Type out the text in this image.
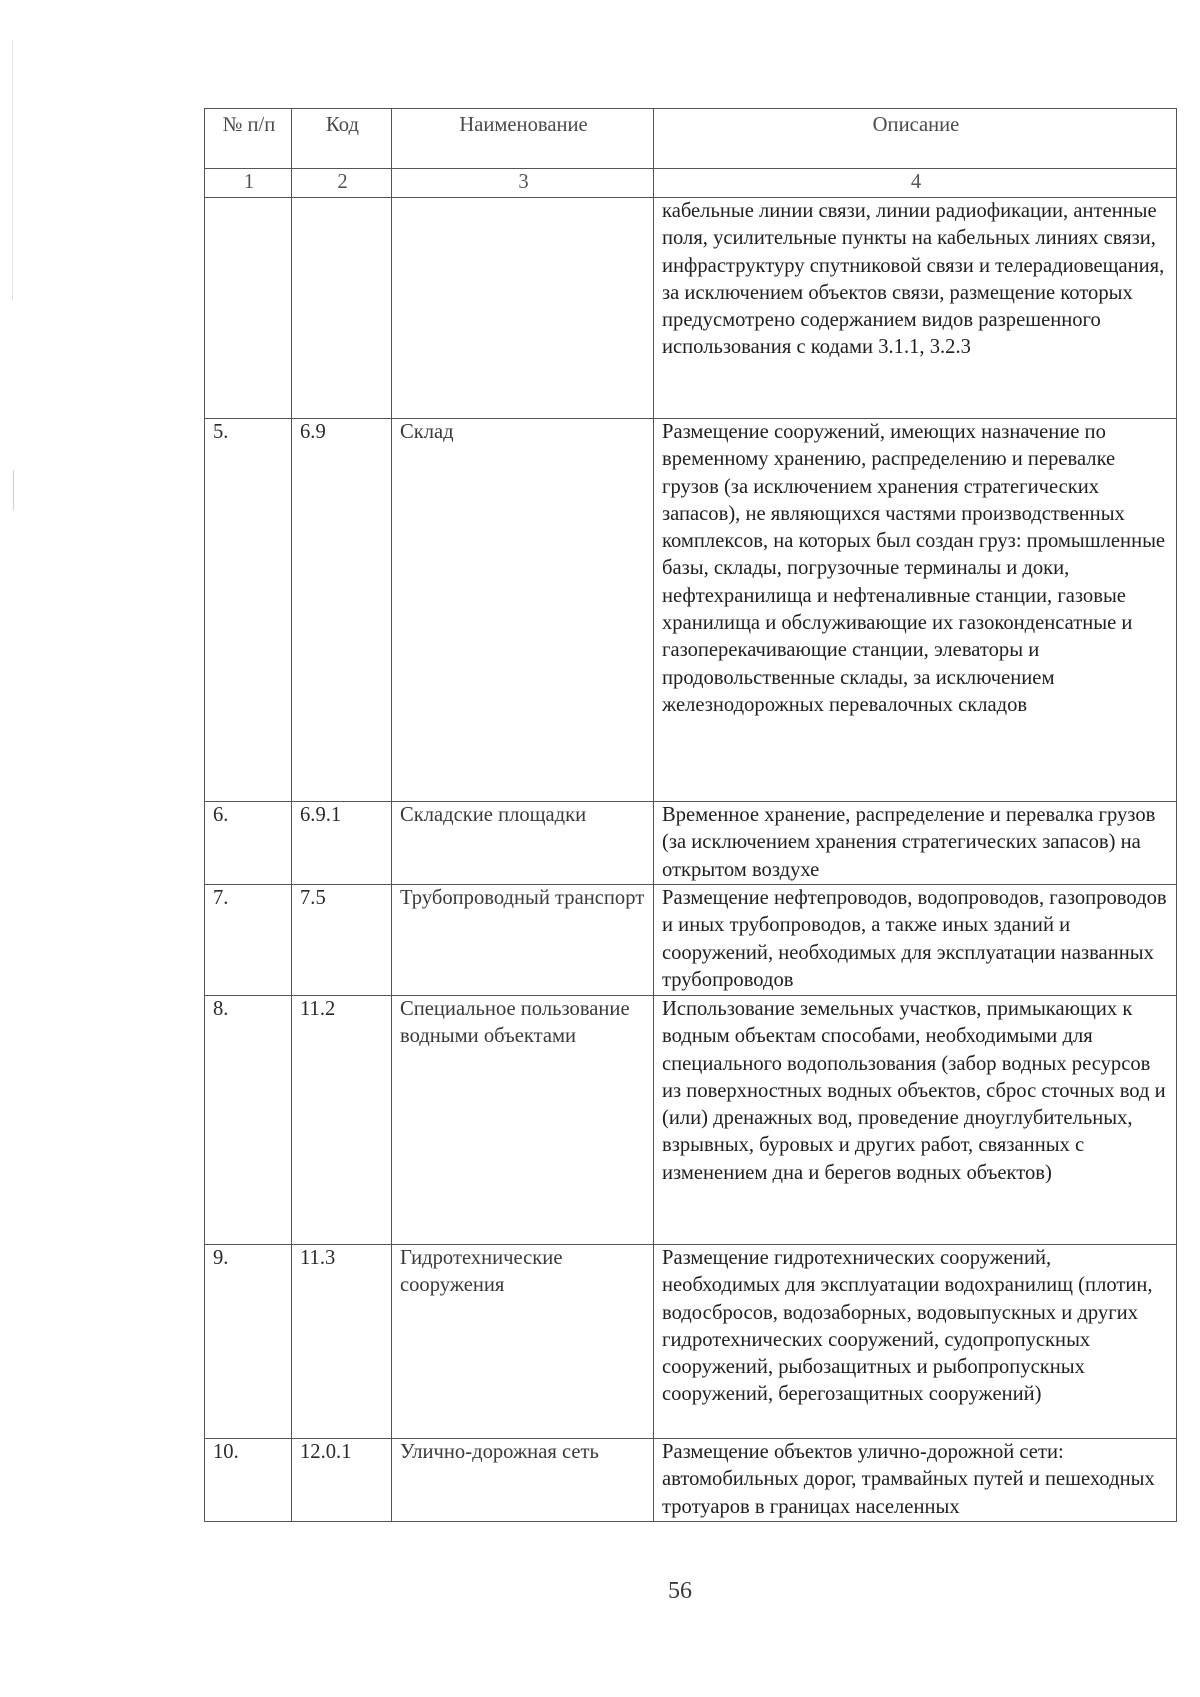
№ п/п	Код	Наименование	Описание
1	2	3	4
			кабельные линии связи, линии радиофикации, антенные поля, усилительные пункты на кабельных линиях связи, инфраструктуру спутниковой связи и телерадиовещания, за исключением объектов связи, размещение которых предусмотрено содержанием видов разрешенного использования с кодами 3.1.1, 3.2.3
5.	6.9	Склад	Размещение сооружений, имеющих назначение по временному хранению, распределению и перевалке грузов (за исключением хранения стратегических запасов), не являющихся частями производственных комплексов, на которых был создан груз: промышленные базы, склады, погрузочные терминалы и доки, нефтехранилища и нефтеналивные станции, газовые хранилища и обслуживающие их газоконденсатные и газоперекачивающие станции, элеваторы и продовольственные склады, за исключением железнодорожных перевалочных складов
6.	6.9.1	Складские площадки	Временное хранение, распределение и перевалка грузов (за исключением хранения стратегических запасов) на открытом воздухе
7.	7.5	Трубопроводный транспорт	Размещение нефтепроводов, водопроводов, газопроводов и иных трубопроводов, а также иных зданий и сооружений, необходимых для эксплуатации названных трубопроводов
8.	11.2	Специальное пользование водными объектами	Использование земельных участков, примыкающих к водным объектам способами, необходимыми для специального водопользования (забор водных ресурсов из поверхностных водных объектов, сброс сточных вод и (или) дренажных вод, проведение дноуглубительных, взрывных, буровых и других работ, связанных с изменением дна и берегов водных объектов)
9.	11.3	Гидротехнические сооружения	Размещение гидротехнических сооружений, необходимых для эксплуатации водохранилищ (плотин, водосбросов, водозаборных, водовыпускных и других гидротехнических сооружений, судопропускных сооружений, рыбозащитных и рыбопропускных сооружений, берегозащитных сооружений)
10.	12.0.1	Улично-дорожная сеть	Размещение объектов улично-дорожной сети: автомобильных дорог, трамвайных путей и пешеходных тротуаров в границах населенных
56
